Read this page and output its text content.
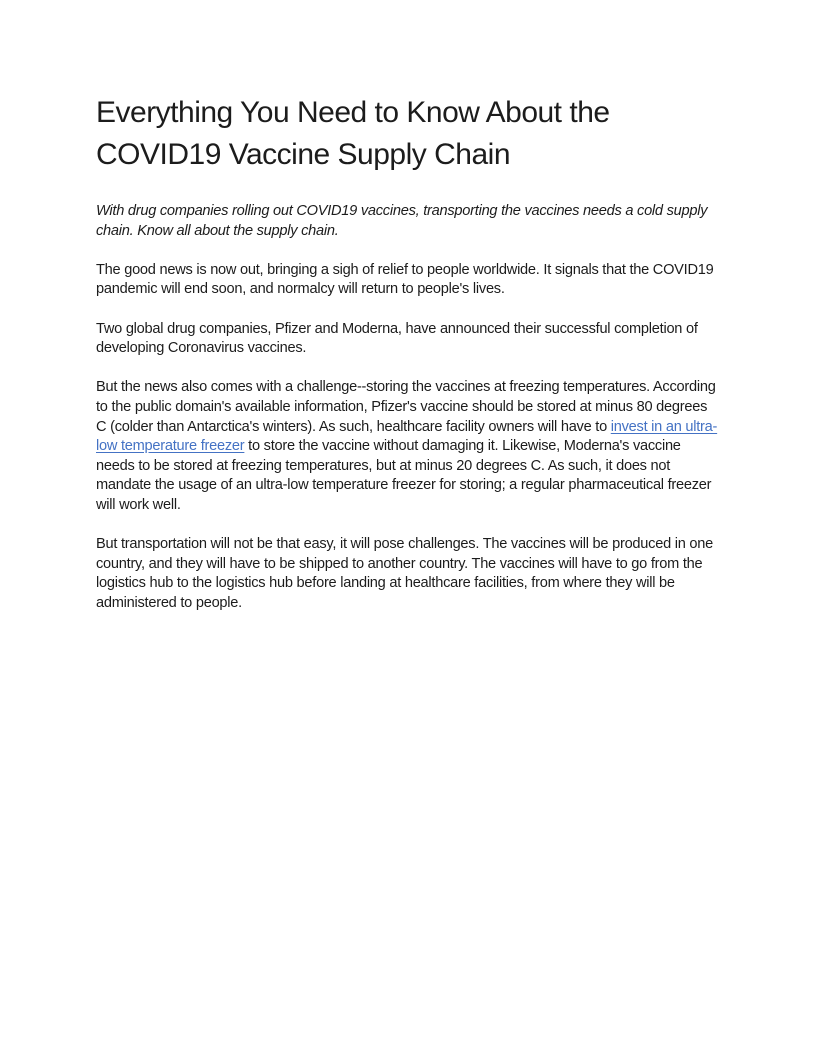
Everything You Need to Know About the COVID19 Vaccine Supply Chain

With drug companies rolling out COVID19 vaccines, transporting the vaccines needs a cold supply chain. Know all about the supply chain.

The good news is now out, bringing a sigh of relief to people worldwide. It signals that the COVID19 pandemic will end soon, and normalcy will return to people's lives.

Two global drug companies, Pfizer and Moderna, have announced their successful completion of developing Coronavirus vaccines.

But the news also comes with a challenge--storing the vaccines at freezing temperatures. According to the public domain's available information, Pfizer's vaccine should be stored at minus 80 degrees C (colder than Antarctica's winters). As such, healthcare facility owners will have to invest in an ultra-low temperature freezer to store the vaccine without damaging it. Likewise, Moderna's vaccine needs to be stored at freezing temperatures, but at minus 20 degrees C. As such, it does not mandate the usage of an ultra-low temperature freezer for storing; a regular pharmaceutical freezer will work well.

But transportation will not be that easy, it will pose challenges. The vaccines will be produced in one country, and they will have to be shipped to another country. The vaccines will have to go from the logistics hub to the logistics hub before landing at healthcare facilities, from where they will be administered to people.
